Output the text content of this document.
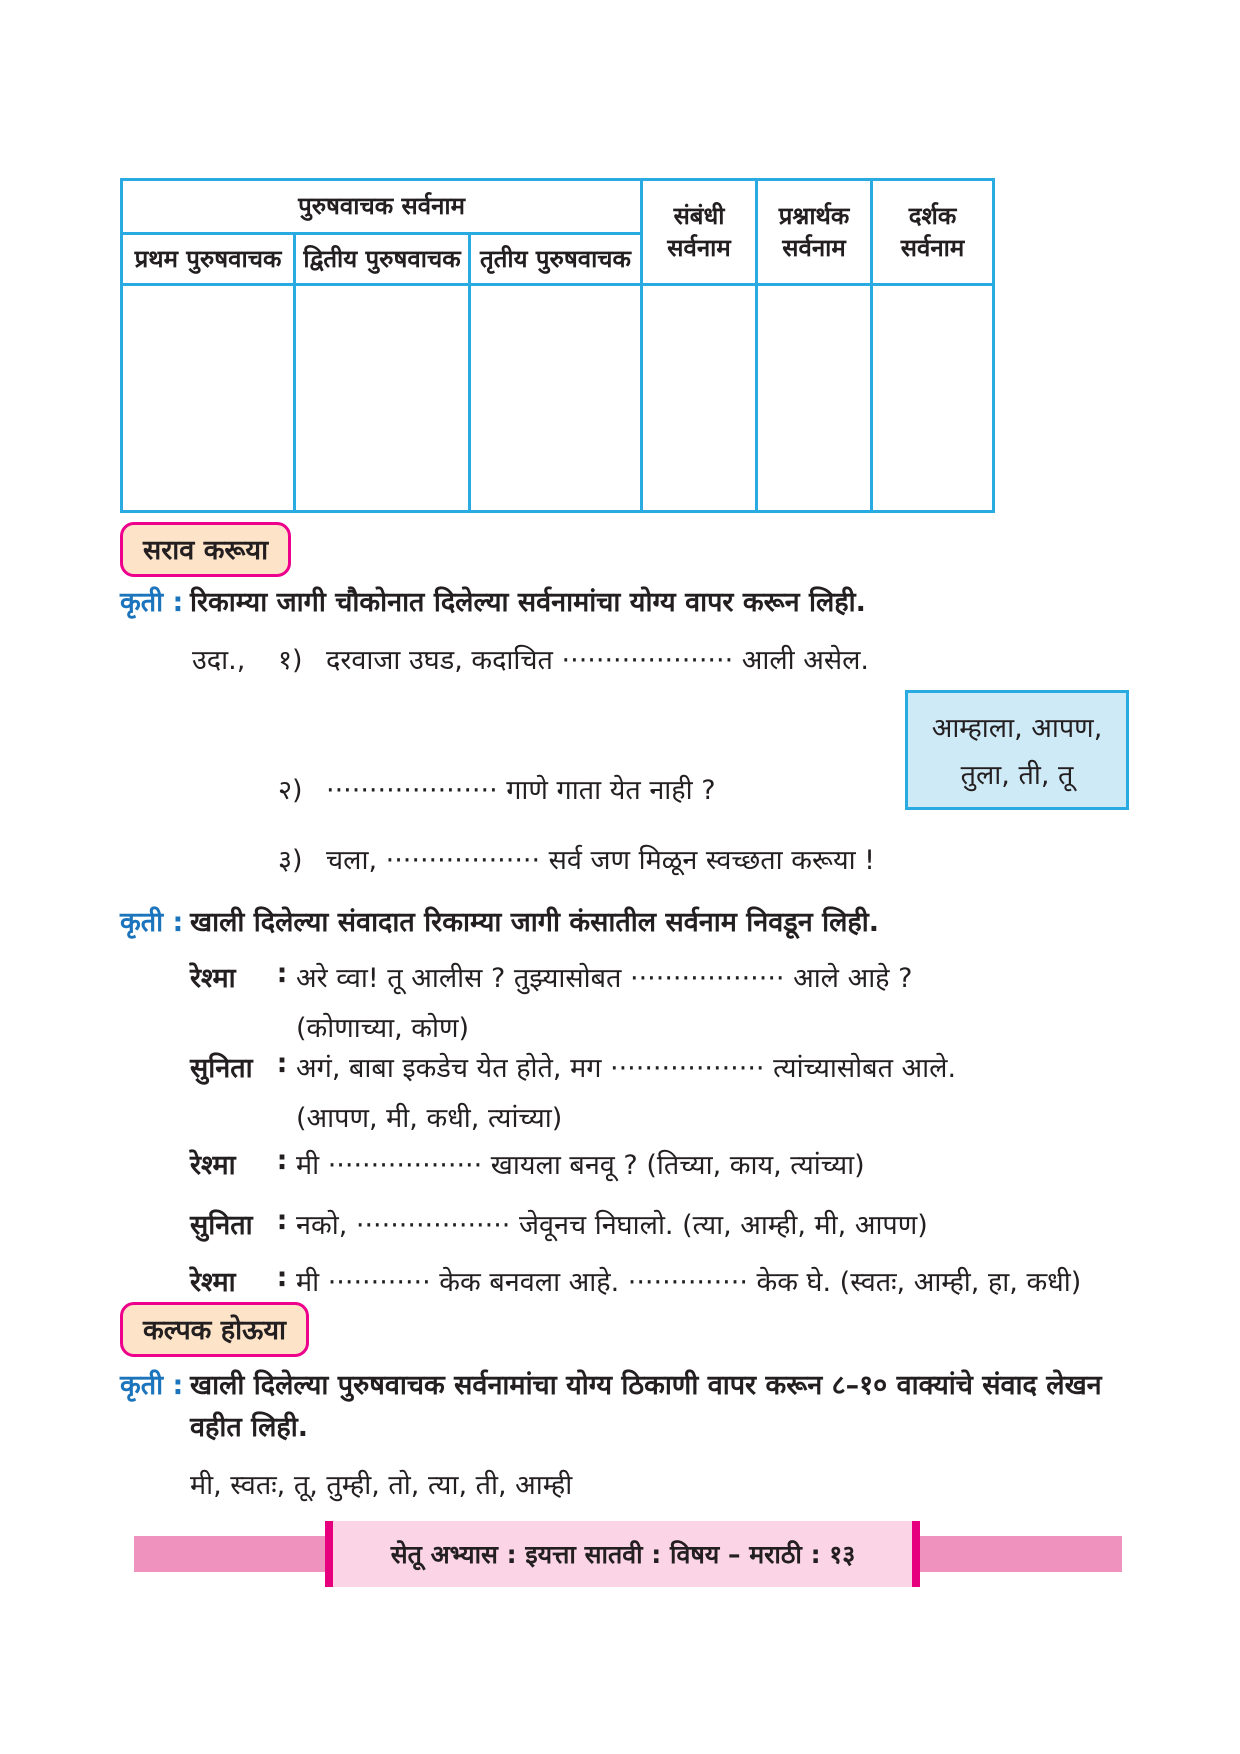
पुरुषवाचक सर्वनाम			संबंधी सर्वनाम	प्रश्नार्थक सर्वनाम	दर्शक सर्वनाम
प्रथम पुरुषवाचक	द्वितीय पुरुषवाचक	तृतीय पुरुषवाचक			

सराव करूया
कृती : रिकाम्या जागी चौकोनात दिलेल्या सर्वनामांचा योग्य वापर करून लिही.
उदा.,	१) दरवाजा उघड, कदाचित ···················· आली असेल.
२) ···················· गाणे गाता येत नाही ?
३) चला, ·················· सर्व जण मिळून स्वच्छता करूया !
आम्हाला, आपण,
तुला, ती, तू
कृती : खाली दिलेल्या संवादात रिकाम्या जागी कंसातील सर्वनाम निवडून लिही.
रेश्मा	: अरे व्वा! तू आलीस ? तुझ्यासोबत ·················· आले आहे ?
(कोणाच्या, कोण)
सुनिता : अगं, बाबा इकडेच येत होते, मग ·················· त्यांच्यासोबत आले.
(आपण, मी, कधी, त्यांच्या)
रेश्मा	: मी ·················· खायला बनवू ? (तिच्या, काय, त्यांच्या)
सुनिता : नको, ·················· जेवूनच निघालो. (त्या, आम्ही, मी, आपण)
रेश्मा	: मी ············ केक बनवला आहे. ·············· केक घे. (स्वतः, आम्ही, हा, कधी)
कल्पक होऊया
कृती : खाली दिलेल्या पुरुषवाचक सर्वनामांचा योग्य ठिकाणी वापर करून ८–१० वाक्यांचे संवाद लेखन वहीत लिही.
मी, स्वतः, तू, तुम्ही, तो, त्या, ती, आम्ही
सेतू अभ्यास : इयत्ता सातवी : विषय – मराठी : १३
